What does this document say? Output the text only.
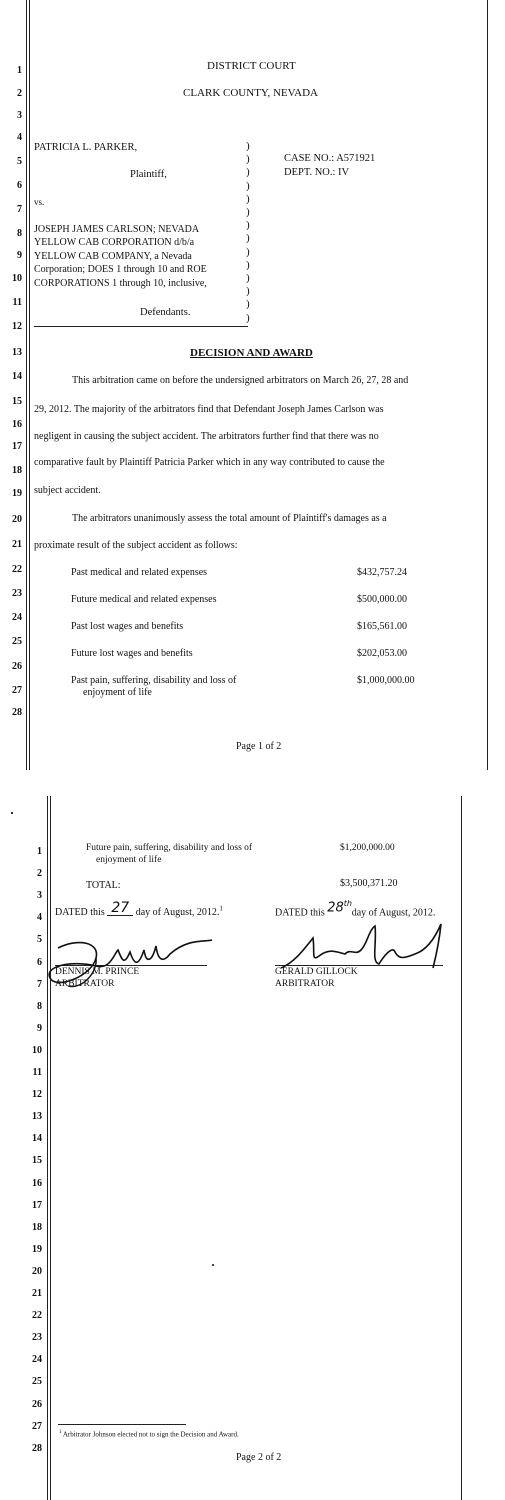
1
2
3
4
5
6
7
8
9
10
11
12
13
14
15
16
17
18
19
20
21
22
23
24
25
26
27
28
DISTRICT COURT
CLARK COUNTY, NEVADA
PATRICIA L. PARKER,
Plaintiff,
vs.
JOSEPH JAMES CARLSON; NEVADA
YELLOW CAB CORPORATION d/b/a
YELLOW CAB COMPANY, a Nevada
Corporation; DOES 1 through 10 and ROE
CORPORATIONS 1 through 10, inclusive,
Defendants.
)
)
)
)
)
)
)
)
)
)
)
)
)
)
CASE NO.: A571921
DEPT. NO.: IV
DECISION AND AWARD
This arbitration came on before the undersigned arbitrators on March 26, 27, 28 and
29, 2012. The majority of the arbitrators find that Defendant Joseph James Carlson was
negligent in causing the subject accident. The arbitrators further find that there was no
comparative fault by Plaintiff Patricia Parker which in any way contributed to cause the
subject accident.
The arbitrators unanimously assess the total amount of Plaintiff's damages as a
proximate result of the subject accident as follows:
Past medical and related expenses	$432,757.24
Future medical and related expenses	$500,000.00
Past lost wages and benefits	$165,561.00
Future lost wages and benefits	$202,053.00
Past pain, suffering, disability and loss of
enjoyment of life
$1,000,000.00
Page 1 of 2
1
2
3
4
5
6
7
8
9
10
11
12
13
14
15
16
17
18
19
20
21
22
23
24
25
26
27
28
Future pain, suffering, disability and loss of
enjoyment of life
$1,200,000.00
TOTAL:	$3,500,371.20
DATED this 27 day of August, 2012.$^1$	DATED this 28th day of August, 2012.
DENNIS M. PRINCE
ARBITRATOR
GERALD GILLOCK
ARBITRATOR
$^1$ Arbitrator Johnson elected not to sign the Decision and Award.
Page 2 of 2
